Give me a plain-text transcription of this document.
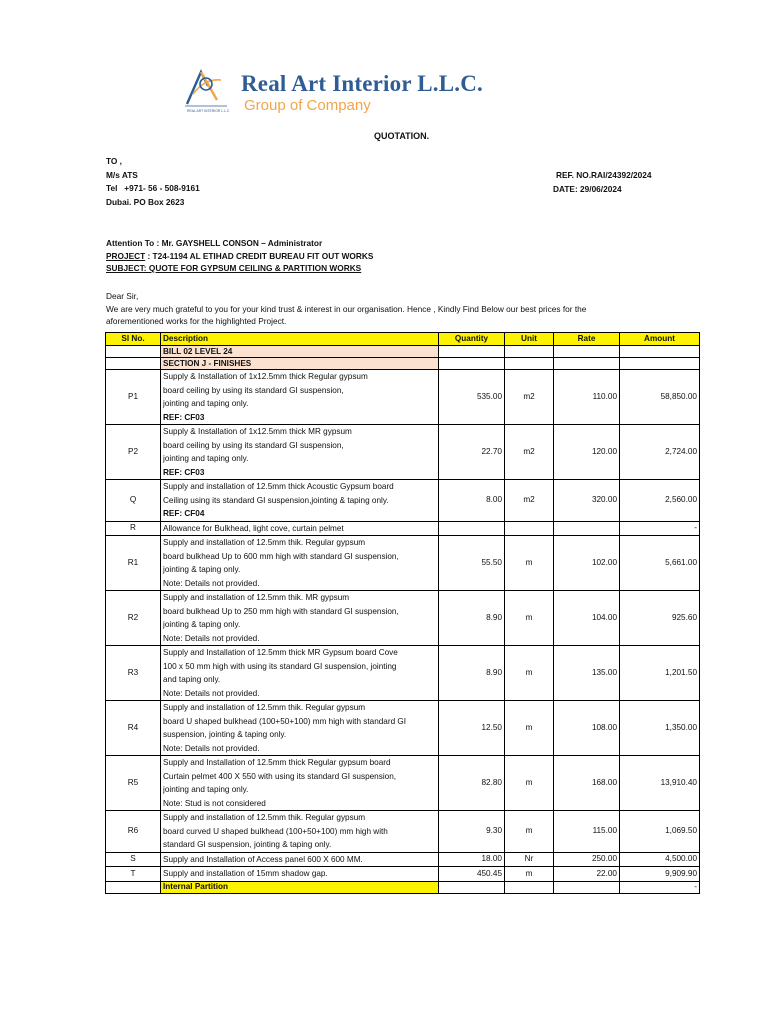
REAL ART INTERIOR L.L.C
Real Art Interior L.L.C.
Group of Company
QUOTATION.
TO ,
M/s ATS
Tel +971- 56 - 508-9161
Dubai. PO Box 2623
REF. NO.RAI/24392/2024
DATE: 29/06/2024
Attention To : Mr. GAYSHELL CONSON – Administrator
PROJECT : T24-1194 AL ETIHAD CREDIT BUREAU FIT OUT WORKS
SUBJECT: QUOTE FOR GYPSUM CEILING & PARTITION WORKS
Dear Sir,
We are very much grateful to you for your kind trust & interest in our organisation. Hence , Kindly Find Below our best prices for the
aforementioned works for the highlighted Project.
Sl No.	Description	Quantity	Unit	Rate	Amount
	BILL 02 LEVEL 24				
	SECTION J - FINISHES				
P1	Supply & Installation of 1x12.5mm thick Regular gypsum
board ceiling by using its standard GI suspension,
jointing and taping only.
REF: CF03	535.00	m2	110.00	58,850.00
P2	Supply & Installation of 1x12.5mm thick MR gypsum
board ceiling by using its standard GI suspension,
jointing and taping only.
REF: CF03	22.70	m2	120.00	2,724.00
Q	Supply and installation of 12.5mm thick Acoustic Gypsum board
Ceiling using its standard GI suspension,jointing & taping only.
REF: CF04	8.00	m2	320.00	2,560.00
R	Allowance for Bulkhead, light cove, curtain pelmet				-
R1	Supply and installation of 12.5mm thik. Regular gypsum
board bulkhead Up to 600 mm high with standard GI suspension,
jointing & taping only.
Note: Details not provided.	55.50	m	102.00	5,661.00
R2	Supply and installation of 12.5mm thik. MR gypsum
board bulkhead Up to 250 mm high with standard GI suspension,
jointing & taping only.
Note: Details not provided.	8.90	m	104.00	925.60
R3	Supply and Installation of 12.5mm thick MR Gypsum board Cove
100 x 50 mm high with using its standard GI suspension, jointing
and taping only.
Note: Details not provided.	8.90	m	135.00	1,201.50
R4	Supply and installation of 12.5mm thik. Regular gypsum
board U shaped bulkhead (100+50+100) mm high with standard GI
suspension, jointing & taping only.
Note: Details not provided.	12.50	m	108.00	1,350.00
R5	Supply and Installation of 12.5mm thick Regular gypsum board
Curtain pelmet 400 X 550 with using its standard GI suspension,
jointing and taping only.
Note: Stud is not considered	82.80	m	168.00	13,910.40
R6	Supply and installation of 12.5mm thik. Regular gypsum
board curved U shaped bulkhead (100+50+100) mm high with
standard GI suspension, jointing & taping only.	9.30	m	115.00	1,069.50
S	Supply and Installation of Access panel 600 X 600 MM.	18.00	Nr	250.00	4,500.00
T	Supply and installation of 15mm shadow gap.	450.45	m	22.00	9,909.90
	Internal Partition				-
